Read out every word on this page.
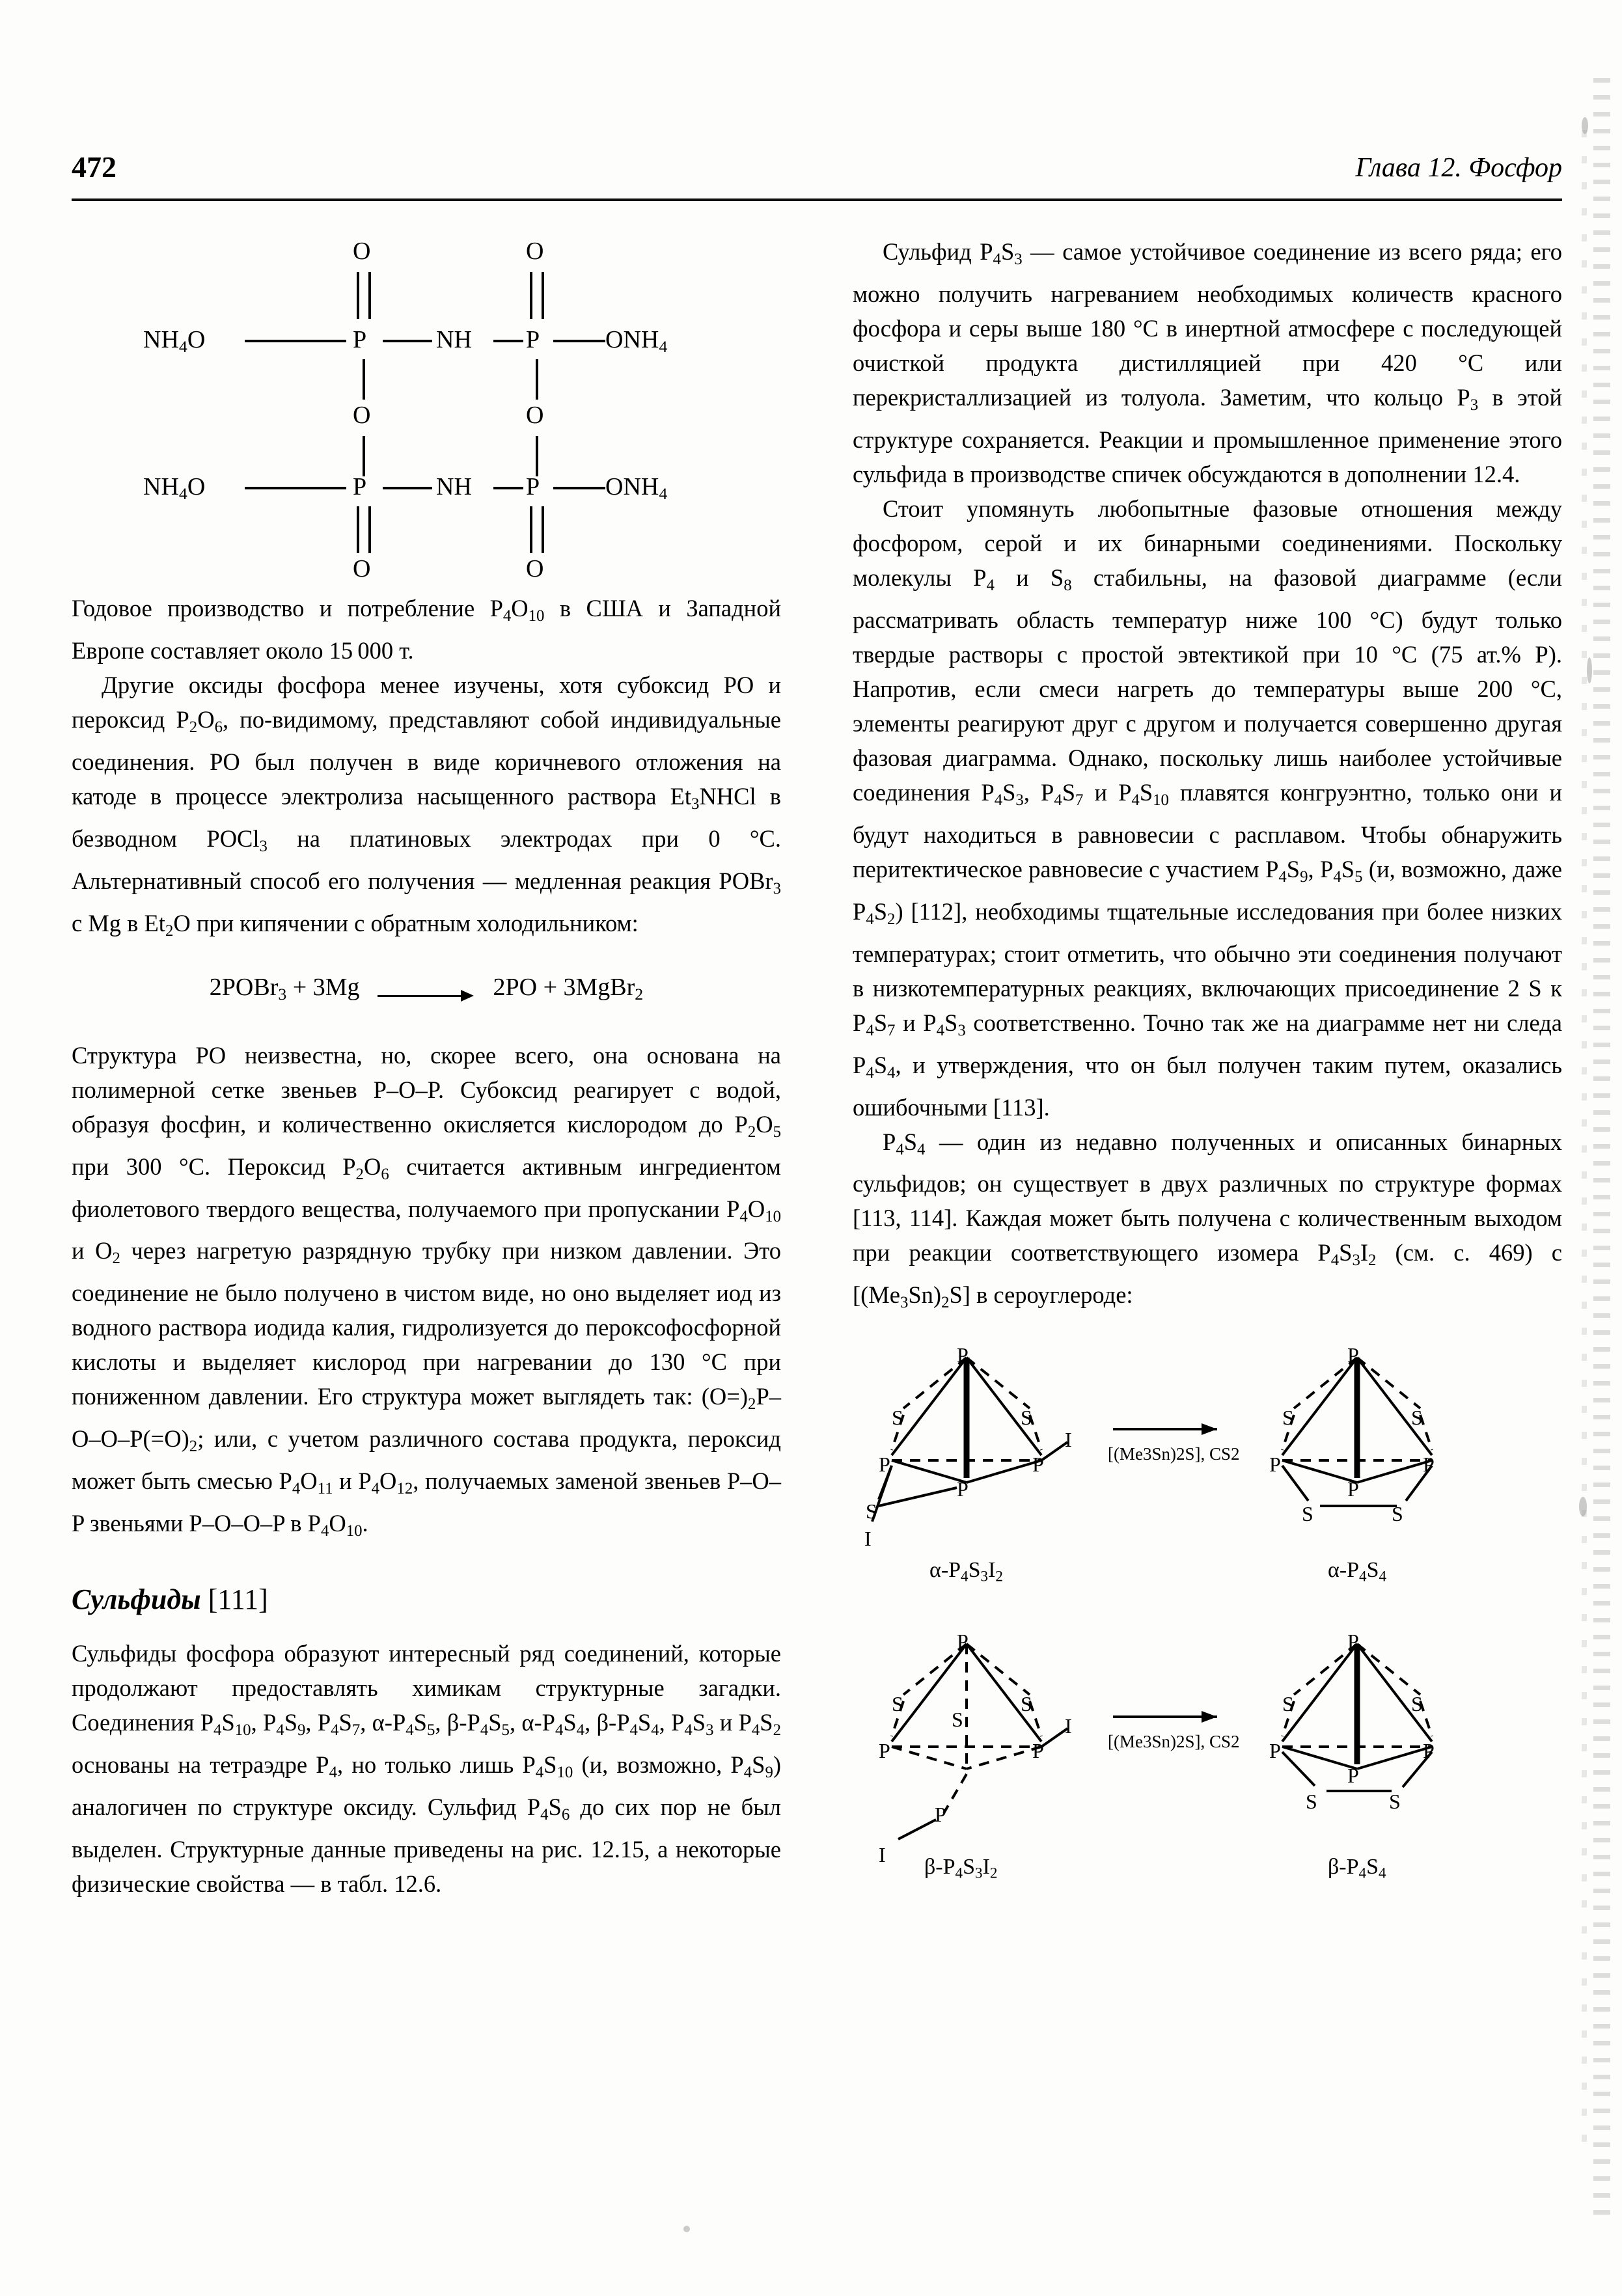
472	Глава 12. Фосфор
O	O
$NH_4O$	P	NH P	$ONH_4$
O	O
$NH_4O$	P	NH P	$ONH_4$
O	O

Годовое производство и потребление $P_4O_{10}$ в США и Западной Европе составляет около 15 000 т.

Другие оксиды фосфора менее изучены, хотя субоксид PO и пероксид $P_2O_6$, по-видимому, представляют собой индивидуальные соединения. PO был получен в виде коричневого отложения на катоде в процессе электролиза насыщенного раствора $Et_3NHCl$ в безводном POCl$_3$ на платиновых электродах при 0 °C. Альтернативный способ его получения — медленная реакция POBr$_3$ с Mg в $Et_2O$ при кипячении с обратным холодильником:

2POBr$_3$ + 3Mg	2PO + 3MgBr$_2$

Структура PO неизвестна, но, скорее всего, она основана на полимерной сетке звеньев P–O–P. Субоксид реагирует с водой, образуя фосфин, и количественно окисляется кислородом до $P_2O_5$ при 300 °C. Пероксид $P_2O_6$ считается активным ингредиентом фиолетового твердого вещества, получаемого при пропускании $P_4O_{10}$ и $O_2$ через нагретую разрядную трубку при низком давлении. Это соединение не было получено в чистом виде, но оно выделяет иод из водного раствора иодида калия, гидролизуется до пероксофосфорной кислоты и выделяет кислород при нагревании до 130 °C при пониженном давлении. Его структура может выглядеть так: $(O=)_2P-O-O-P(=O)_2$; или, с учетом различного состава продукта, пероксид может быть смесью $P_4O_{11}$ и $P_4O_{12}$, получаемых заменой звеньев P–O–P звеньями P–O–O–P в $P_4O_{10}$.

Сульфиды [111]

Сульфиды фосфора образуют интересный ряд соединений, которые продолжают предоставлять химикам структурные загадки. Соединения $P_4S_{10}$, $P_4S_9$, $P_4S_7$, $\alpha-P_4S_5$, $\beta-P_4S_5$, $\alpha-P_4S_4$, $\beta-P_4S_4$, $P_4S_3$ и $P_4S_2$ основаны на тетраэдре $P_4$, но только лишь $P_4S_{10}$ (и, возможно, $P_4S_9$) аналогичен по структуре оксиду. Сульфид $P_4S_6$ до сих пор не был выделен. Структурные данные приведены на рис. 12.15, а некоторые физические свойства — в табл. 12.6.

Сульфид $P_4S_3$ — самое устойчивое соединение из всего ряда; его можно получить нагреванием необходимых количеств красного фосфора и серы выше 180 °C в инертной атмосфере с последующей очисткой продукта дистилляцией при 420 °C или перекристаллизацией из толуола. Заметим, что кольцо $P_3$ в этой структуре сохраняется. Реакции и промышленное применение этого сульфида в производстве спичек обсуждаются в дополнении 12.4.

Стоит упомянуть любопытные фазовые отношения между фосфором, серой и их бинарными соединениями. Поскольку молекулы $P_4$ и $S_8$ стабильны, на фазовой диаграмме (если рассматривать область температур ниже 100 °C) будут только твердые растворы с простой эвтектикой при 10 °C (75 ат.% P). Напротив, если смеси нагреть до температуры выше 200 °C, элементы реагируют друг с другом и получается совершенно другая фазовая диаграмма. Однако, поскольку лишь наиболее устойчивые соединения $P_4S_3$, $P_4S_7$ и $P_4S_{10}$ плавятся конгруэнтно, только они и будут находиться в равновесии с расплавом. Чтобы обнаружить перитектическое равновесие с участием $P_4S_9$, $P_4S_5$ (и, возможно, даже $P_4S_2$) [112], необходимы тщательные исследования при более низких температурах; стоит отметить, что обычно эти соединения получают в низкотемпературных реакциях, включающих присоединение 2 S к $P_4S_7$ и $P_4S_3$ соответственно. Точно так же на диаграмме нет ни следа $P_4S_4$, и утверждения, что он был получен таким путем, оказались ошибочными [113].

$P_4S_4$ — один из недавно полученных и описанных бинарных сульфидов; он существует в двух различных по структуре формах [113, 114]. Каждая может быть получена с количественным выходом при реакции соответствующего изомера $P_4S_3I_2$ (см. с. 469) с $[(Me_3Sn)_2S]$ в сероуглероде:

P
S	S
P	P
P
S
I
I
P
S	S
P	P
P
S	S
P
S	S
S
P	P
P
I
I
P
S	S
P	P
P
S	S
[(Me3Sn)2S], CS2
[(Me3Sn)2S], CS2
$\alpha-P_4S_3I_2$	$\alpha-P_4S_4$
$\beta-P_4S_3I_2$	$\beta-P_4S_4$
